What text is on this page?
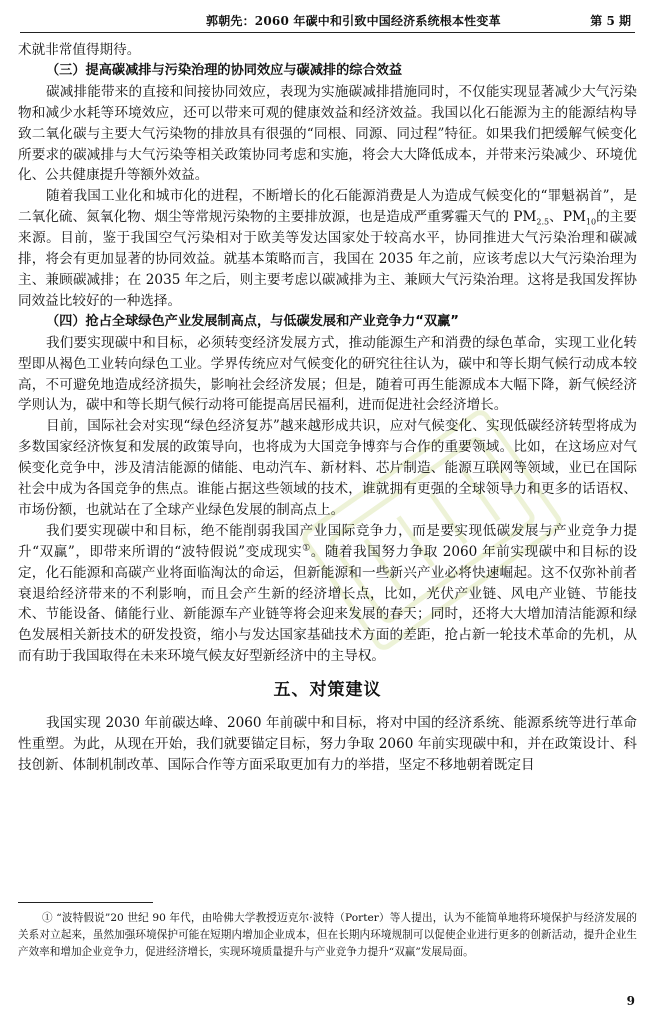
郭朝先：2060 年碳中和引致中国经济系统根本性变革	第 5 期

术就非常值得期待。

（三）提高碳减排与污染治理的协同效应与碳减排的综合效益

碳减排能带来的直接和间接协同效应，表现为实施碳减排措施同时，不仅能实现显著减少大气污染物和减少水耗等环境效应，还可以带来可观的健康效益和经济效益。我国以化石能源为主的能源结构导致二氧化碳与主要大气污染物的排放具有很强的“同根、同源、同过程”特征。如果我们把缓解气候变化所要求的碳减排与大气污染等相关政策协同考虑和实施，将会大大降低成本，并带来污染减少、环境优化、公共健康提升等额外效益。

随着我国工业化和城市化的进程，不断增长的化石能源消费是人为造成气候变化的“罪魁祸首”，是二氧化硫、氮氧化物、烟尘等常规污染物的主要排放源，也是造成严重雾霾天气的 $PM_{2.5}$、$PM_{10}$的主要来源。目前，鉴于我国空气污染相对于欧美等发达国家处于较高水平，协同推进大气污染治理和碳减排，将会有更加显著的协同效益。就基本策略而言，我国在 2035 年之前，应该考虑以大气污染治理为主、兼顾碳减排；在 2035 年之后，则主要考虑以碳减排为主、兼顾大气污染治理。这将是我国发挥协同效益比较好的一种选择。

（四）抢占全球绿色产业发展制高点，与低碳发展和产业竞争力“双赢”

我们要实现碳中和目标，必须转变经济发展方式，推动能源生产和消费的绿色革命，实现工业化转型即从褐色工业转向绿色工业。学界传统应对气候变化的研究往往认为，碳中和等长期气候行动成本较高，不可避免地造成经济损失，影响社会经济发展；但是，随着可再生能源成本大幅下降，新气候经济学则认为，碳中和等长期气候行动将可能提高居民福利，进而促进社会经济增长。

目前，国际社会对实现“绿色经济复苏”越来越形成共识，应对气候变化、实现低碳经济转型将成为多数国家经济恢复和发展的政策导向，也将成为大国竞争博弈与合作的重要领域。比如，在这场应对气候变化竞争中，涉及清洁能源的储能、电动汽车、新材料、芯片制造、能源互联网等领域，业已在国际社会中成为各国竞争的焦点。谁能占据这些领域的技术，谁就拥有更强的全球领导力和更多的话语权、市场份额，也就站在了全球产业绿色发展的制高点上。

我们要实现碳中和目标，绝不能削弱我国产业国际竞争力，而是要实现低碳发展与产业竞争力提升“双赢”，即带来所谓的“波特假说”变成现实①。随着我国努力争取 2060 年前实现碳中和目标的设定，化石能源和高碳产业将面临淘汰的命运，但新能源和一些新兴产业必将快速崛起。这不仅弥补前者衰退给经济带来的不利影响，而且会产生新的经济增长点，比如，光伏产业链、风电产业链、节能技术、节能设备、储能行业、新能源车产业链等将会迎来发展的春天；同时，还将大大增加清洁能源和绿色发展相关新技术的研发投资，缩小与发达国家基础技术方面的差距，抢占新一轮技术革命的先机，从而有助于我国取得在未来环境气候友好型新经济中的主导权。

五、对策建议

我国实现 2030 年前碳达峰、2060 年前碳中和目标，将对中国的经济系统、能源系统等进行革命性重塑。为此，从现在开始，我们就要锚定目标，努力争取 2060 年前实现碳中和，并在政策设计、科技创新、体制机制改革、国际合作等方面采取更加有力的举措，坚定不移地朝着既定目

① “波特假说”20 世纪 90 年代，由哈佛大学教授迈克尔·波特（Porter）等人提出，认为不能简单地将环境保护与经济发展的关系对立起来，虽然加强环境保护可能在短期内增加企业成本，但在长期内环境规制可以促使企业进行更多的创新活动，提升企业生产效率和增加企业竞争力，促进经济增长，实现环境质量提升与产业竞争力提升“双赢”发展局面。
9
